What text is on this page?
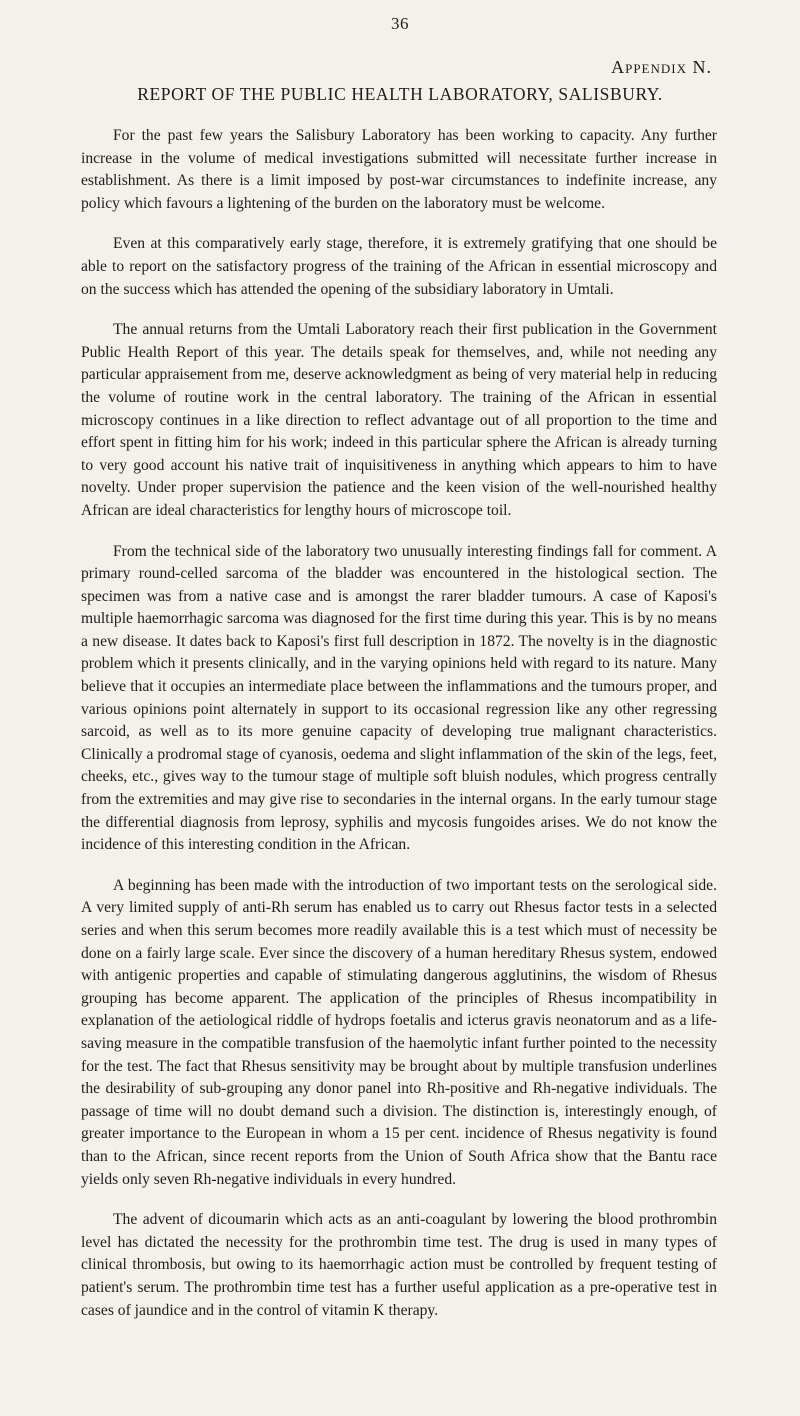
36
Appendix N.
REPORT OF THE PUBLIC HEALTH LABORATORY, SALISBURY.

For the past few years the Salisbury Laboratory has been working to capacity. Any further increase in the volume of medical investigations submitted will necessitate further increase in establishment. As there is a limit imposed by post-war circumstances to indefinite increase, any policy which favours a lightening of the burden on the laboratory must be welcome.

Even at this comparatively early stage, therefore, it is extremely gratifying that one should be able to report on the satisfactory progress of the training of the African in essential microscopy and on the success which has attended the opening of the subsidiary laboratory in Umtali.

The annual returns from the Umtali Laboratory reach their first publication in the Government Public Health Report of this year. The details speak for themselves, and, while not needing any particular appraisement from me, deserve acknowledgment as being of very material help in reducing the volume of routine work in the central laboratory. The training of the African in essential microscopy continues in a like direction to reflect advantage out of all proportion to the time and effort spent in fitting him for his work; indeed in this particular sphere the African is already turning to very good account his native trait of inquisitiveness in anything which appears to him to have novelty. Under proper supervision the patience and the keen vision of the well-nourished healthy African are ideal characteristics for lengthy hours of microscope toil.

From the technical side of the laboratory two unusually interesting findings fall for comment. A primary round-celled sarcoma of the bladder was encountered in the histological section. The specimen was from a native case and is amongst the rarer bladder tumours. A case of Kaposi's multiple haemorrhagic sarcoma was diagnosed for the first time during this year. This is by no means a new disease. It dates back to Kaposi's first full description in 1872. The novelty is in the diagnostic problem which it presents clinically, and in the varying opinions held with regard to its nature. Many believe that it occupies an intermediate place between the inflammations and the tumours proper, and various opinions point alternately in support to its occasional regression like any other regressing sarcoid, as well as to its more genuine capacity of developing true malignant characteristics. Clinically a prodromal stage of cyanosis, oedema and slight inflammation of the skin of the legs, feet, cheeks, etc., gives way to the tumour stage of multiple soft bluish nodules, which progress centrally from the extremities and may give rise to secondaries in the internal organs. In the early tumour stage the differential diagnosis from leprosy, syphilis and mycosis fungoides arises. We do not know the incidence of this interesting condition in the African.

A beginning has been made with the introduction of two important tests on the serological side. A very limited supply of anti-Rh serum has enabled us to carry out Rhesus factor tests in a selected series and when this serum becomes more readily available this is a test which must of necessity be done on a fairly large scale. Ever since the discovery of a human hereditary Rhesus system, endowed with antigenic properties and capable of stimulating dangerous agglutinins, the wisdom of Rhesus grouping has become apparent. The application of the principles of Rhesus incompatibility in explanation of the aetiological riddle of hydrops foetalis and icterus gravis neonatorum and as a life-saving measure in the compatible transfusion of the haemolytic infant further pointed to the necessity for the test. The fact that Rhesus sensitivity may be brought about by multiple transfusion underlines the desirability of sub-grouping any donor panel into Rh-positive and Rh-negative individuals. The passage of time will no doubt demand such a division. The distinction is, interestingly enough, of greater importance to the European in whom a 15 per cent. incidence of Rhesus negativity is found than to the African, since recent reports from the Union of South Africa show that the Bantu race yields only seven Rh-negative individuals in every hundred.

The advent of dicoumarin which acts as an anti-coagulant by lowering the blood prothrombin level has dictated the necessity for the prothrombin time test. The drug is used in many types of clinical thrombosis, but owing to its haemorrhagic action must be controlled by frequent testing of patient's serum. The prothrombin time test has a further useful application as a pre-operative test in cases of jaundice and in the control of vitamin K therapy.
